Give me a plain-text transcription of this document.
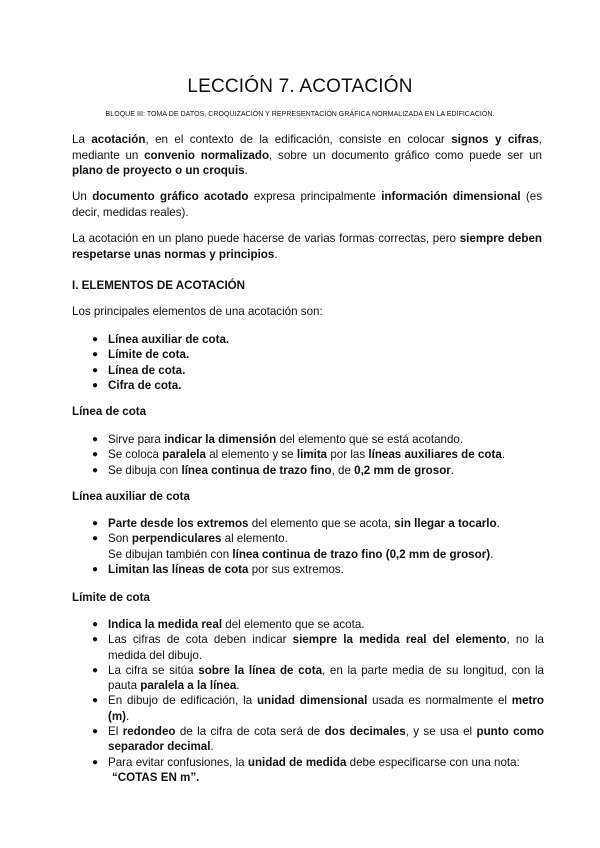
LECCIÓN 7. ACOTACIÓN
BLOQUE III: TOMA DE DATOS, CROQUIZACIÓN Y REPRESENTACIÓN GRÁFICA NORMALIZADA EN LA EDIFICACIÓN.
La acotación, en el contexto de la edificación, consiste en colocar signos y cifras, mediante un convenio normalizado, sobre un documento gráfico como puede ser un plano de proyecto o un croquis.
Un documento gráfico acotado expresa principalmente información dimensional (es decir, medidas reales).
La acotación en un plano puede hacerse de varias formas correctas, pero siempre deben respetarse unas normas y principios.
I. ELEMENTOS DE ACOTACIÓN
Los principales elementos de una acotación son:
● Línea auxiliar de cota.
● Límite de cota.
● Línea de cota.
● Cifra de cota.
Línea de cota
● Sirve para indicar la dimensión del elemento que se está acotando.
● Se coloca paralela al elemento y se limita por las líneas auxiliares de cota.
● Se dibuja con línea continua de trazo fino, de 0,2 mm de grosor.
Línea auxiliar de cota
● Parte desde los extremos del elemento que se acota, sin llegar a tocarlo.
● Son perpendiculares al elemento.
Se dibujan también con línea continua de trazo fino (0,2 mm de grosor).
● Limitan las líneas de cota por sus extremos.
Límite de cota
● Indica la medida real del elemento que se acota.
● Las cifras de cota deben indicar siempre la medida real del elemento, no la medida del dibujo.
● La cifra se sitúa sobre la línea de cota, en la parte media de su longitud, con la pauta paralela a la línea.
● En dibujo de edificación, la unidad dimensional usada es normalmente el metro (m).
● El redondeo de la cifra de cota será de dos decimales, y se usa el punto como separador decimal.
● Para evitar confusiones, la unidad de medida debe especificarse con una nota:
“COTAS EN m”.
